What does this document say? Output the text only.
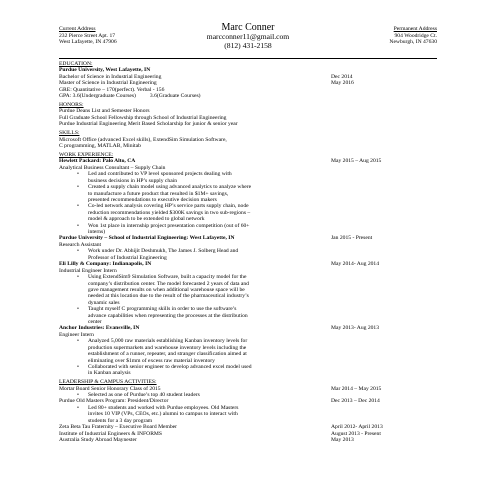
Current Address
232 Pierce Street Apt. 17
West Lafayette, IN 47906
Marc Conner
marcconner11@gmail.com
(812) 431-2158
Permanent Address
904 Woodridge Ct.
Newburgh, IN 47630
EDUCATION:
Purdue University, West Lafayette, IN
Bachelor of Science in Industrial Engineering	Dec 2014
Master of Science in Industrial Engineering	May 2016
GRE: Quantitative – 170(perfect). Verbal - 156
GPA: 3.6(Undergraduate Courses)          3.6(Graduate Courses)
HONORS:
Purdue Deans List and Semester Honors
Full Graduate School Fellowship through School of Industrial Engineering
Purdue Industrial Engineering Merit Based Scholarship for junior & senior year
SKILLS:
Microsoft Office (advanced Excel skills), ExtendSim Simulation Software,
C programming, MATLAB, Minitab
WORK EXPERIENCE:
Hewlett Packard: Palo Alto, CA	May 2015 – Aug 2015
Analytical Business Consultant – Supply Chain
• Led and contributed to VP level sponsored projects dealing with
business decisions in HP’s supply chain
• Created a supply chain model using advanced analytics to analyze where
to manufacture a future product that resulted in $1M+ savings,
presented recommendations to executive decision makers
• Co-led network analysis covering HP’s service parts supply chain, node
reduction recommendations yielded $300K savings in two sub-regions –
model & approach to be extended to global network
• Won 1st place in internship project presentation competition (out of 60+
interns)
Purdue University – School of Industrial Engineering: West Lafayette, IN	Jan 2015 - Present
Research Assistant
• Work under Dr. Abhijit Deshmukh, The James J. Solberg Head and
Professor of Industrial Engineering
Eli Lilly & Company: Indianapolis, IN	May 2014- Aug 2014
Industrial Engineer Intern
• Using ExtendSim9 Simulation Software, built a capacity model for the
company’s distribution center. The model forecasted 2 years of data and
gave management results on when additional warehouse space will be
needed at this location due to the result of the pharmaceutical industry’s
dynamic sales
• Taught myself C programming skills in order to use the software’s
advance capabilities when representing the processes at the distribution
center
Anchor Industries: Evansville, IN	May 2013- Aug 2013
Engineer Intern
• Analyzed 5,000 raw materials establishing Kanban inventory levels for
production supermarkets and warehouse inventory levels including the
establishment of a runner, repeater, and stranger classification aimed at
eliminating over $1mm of excess raw material inventory
• Collaborated with senior engineer to develop advanced excel model used
in Kanban analysis
LEADERSHIP & CAMPUS ACTIVITIES:
Mortar Board Senior Honorary Class of 2015	Mar 2014 – May 2015
• Selected as one of Purdue’s top 40 student leaders
Purdue Old Masters Program: President/Director	Dec 2013 – Dec 2014
• Led 80+ students and worked with Purdue employees. Old Masters
invites 10 VIP (VPs, CEOs, etc.) alumni to campus to interact with
students for a 3 day program
Zeta Beta Tau Fraternity – Executive Board Member	April 2012- April 2013
Institute of Industrial Engineers & INFORMS	August 2013 - Present
Australia Study Abroad Maynester	May 2013
